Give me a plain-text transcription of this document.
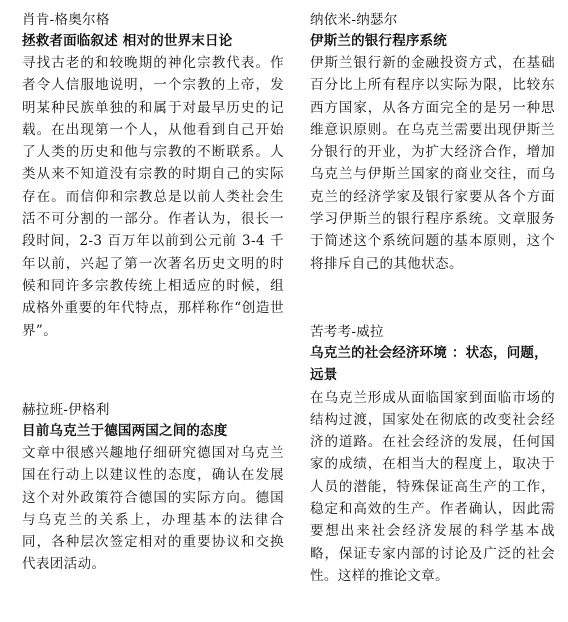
肖肯-格奥尔格
拯救者面临叙述 相对的世界末日论

寻找古老的和较晚期的神化宗教代表。作者令人信服地说明，一个宗教的上帝，发明某种民族单独的和属于对最早历史的记载。在出现第一个人，从他看到自己开始了人类的历史和他与宗教的不断联系。人类从来不知道没有宗教的时期自己的实际存在。而信仰和宗教总是以前人类社会生活不可分割的一部分。作者认为，很长一段时间，2-3 百万年以前到公元前 3-4 千年以前，兴起了第一次著名历史文明的时候和同许多宗教传统上相适应的时候，组成格外重要的年代特点，那样称作“创造世界”。

赫拉班-伊格利
目前乌克兰于德国两国之间的态度

文章中很感兴趣地仔细研究德国对乌克兰国在行动上以建议性的态度，确认在发展这个对外政策符合德国的实际方向。德国与乌克兰的关系上，办理基本的法律合同，各种层次签定相对的重要协议和交换代表团活动。

纳依米-纳瑟尔
伊斯兰的银行程序系统

伊斯兰银行新的金融投资方式，在基础百分比上所有程序以实际为限，比较东西方国家，从各方面完全的是另一种思维意识原则。在乌克兰需要出现伊斯兰分银行的开业，为扩大经济合作，增加乌克兰与伊斯兰国家的商业交往，而乌克兰的经济学家及银行家要从各个方面学习伊斯兰的银行程序系统。文章服务于简述这个系统问题的基本原则，这个将排斥自己的其他状态。

苦考考-威拉
乌克兰的社会经济环境 ：状态，问题，远景

在乌克兰形成从面临国家到面临市场的结构过渡，国家处在彻底的改变社会经济的道路。在社会经济的发展，任何国家的成绩，在相当大的程度上，取决于人员的潜能，特殊保证高生产的工作，稳定和高效的生产。作者确认，因此需要想出来社会经济发展的科学基本战略，保证专家内部的讨论及广泛的社会性。这样的推论文章。
